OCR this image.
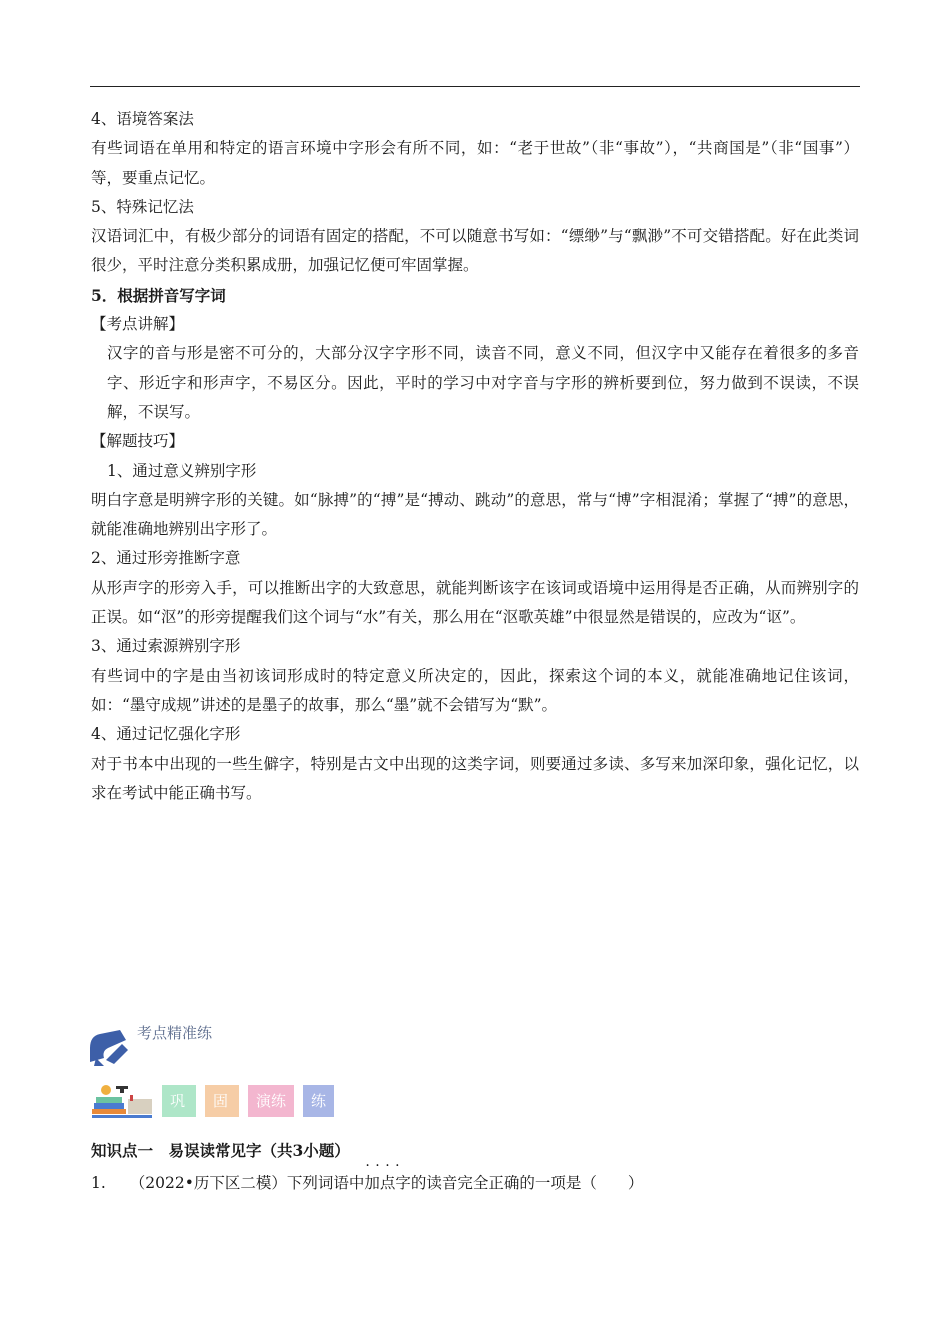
4、语境答案法

有些词语在单用和特定的语言环境中字形会有所不同，如：“老于世故”（非“事故”），“共商国是”（非“国事”）等，要重点记忆。

5、特殊记忆法

汉语词汇中，有极少部分的词语有固定的搭配，不可以随意书写如：“缥缈”与“飘渺”不可交错搭配。好在此类词很少，平时注意分类积累成册，加强记忆便可牢固掌握。

5．根据拼音写字词

【考点讲解】

汉字的音与形是密不可分的，大部分汉字字形不同，读音不同，意义不同，但汉字中又能存在着很多的多音字、形近字和形声字，不易区分。因此，平时的学习中对字音与字形的辨析要到位，努力做到不误读，不误解，不误写。

【解题技巧】

1、通过意义辨别字形

明白字意是明辨字形的关键。如“脉搏”的“搏”是“搏动、跳动”的意思，常与“博”字相混淆；掌握了“搏”的意思，就能准确地辨别出字形了。

2、通过形旁推断字意

从形声字的形旁入手，可以推断出字的大致意思，就能判断该字在该词或语境中运用得是否正确，从而辨别字的正误。如“沤”的形旁提醒我们这个词与“水”有关，那么用在“沤歌英雄”中很显然是错误的，应改为“讴”。

3、通过索源辨别字形

有些词中的字是由当初该词形成时的特定意义所决定的，因此，探索这个词的本义，就能准确地记住该词，如：“墨守成规”讲述的是墨子的故事，那么“墨”就不会错写为“默”。

4、通过记忆强化字形

对于书本中出现的一些生僻字，特别是古文中出现的这类字词，则要通过多读、多写来加深印象，强化记忆，以求在考试中能正确书写。

考点精准练
巩	固	演练	练
知识点一　易误读常见字（共3小题）
1. （2022•历下区二模）下列词语中· · · · 加点字的读音完全正确的一项是（　　）
